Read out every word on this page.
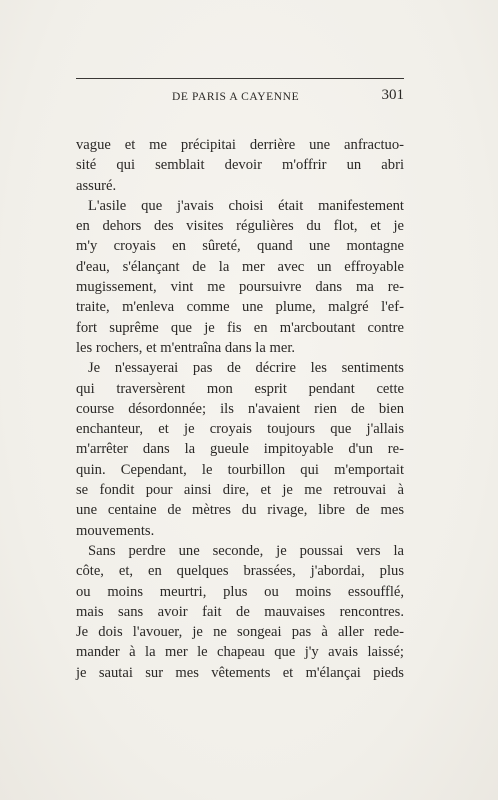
DE PARIS A CAYENNE	301
vague et me précipitai derrière une anfractuo-
sité qui semblait devoir m'offrir un abri
assuré.
L'asile que j'avais choisi était manifestement
en dehors des visites régulières du flot, et je
m'y croyais en sûreté, quand une montagne
d'eau, s'élançant de la mer avec un effroyable
mugissement, vint me poursuivre dans ma re-
traite, m'enleva comme une plume, malgré l'ef-
fort suprême que je fis en m'arcboutant contre
les rochers, et m'entraîna dans la mer.
Je n'essayerai pas de décrire les sentiments
qui traversèrent mon esprit pendant cette
course désordonnée; ils n'avaient rien de bien
enchanteur, et je croyais toujours que j'allais
m'arrêter dans la gueule impitoyable d'un re-
quin. Cependant, le tourbillon qui m'emportait
se fondit pour ainsi dire, et je me retrouvai à
une centaine de mètres du rivage, libre de mes
mouvements.
Sans perdre une seconde, je poussai vers la
côte, et, en quelques brassées, j'abordai, plus
ou moins meurtri, plus ou moins essoufflé,
mais sans avoir fait de mauvaises rencontres.
Je dois l'avouer, je ne songeai pas à aller rede-
mander à la mer le chapeau que j'y avais laissé;
je sautai sur mes vêtements et m'élançai pieds
